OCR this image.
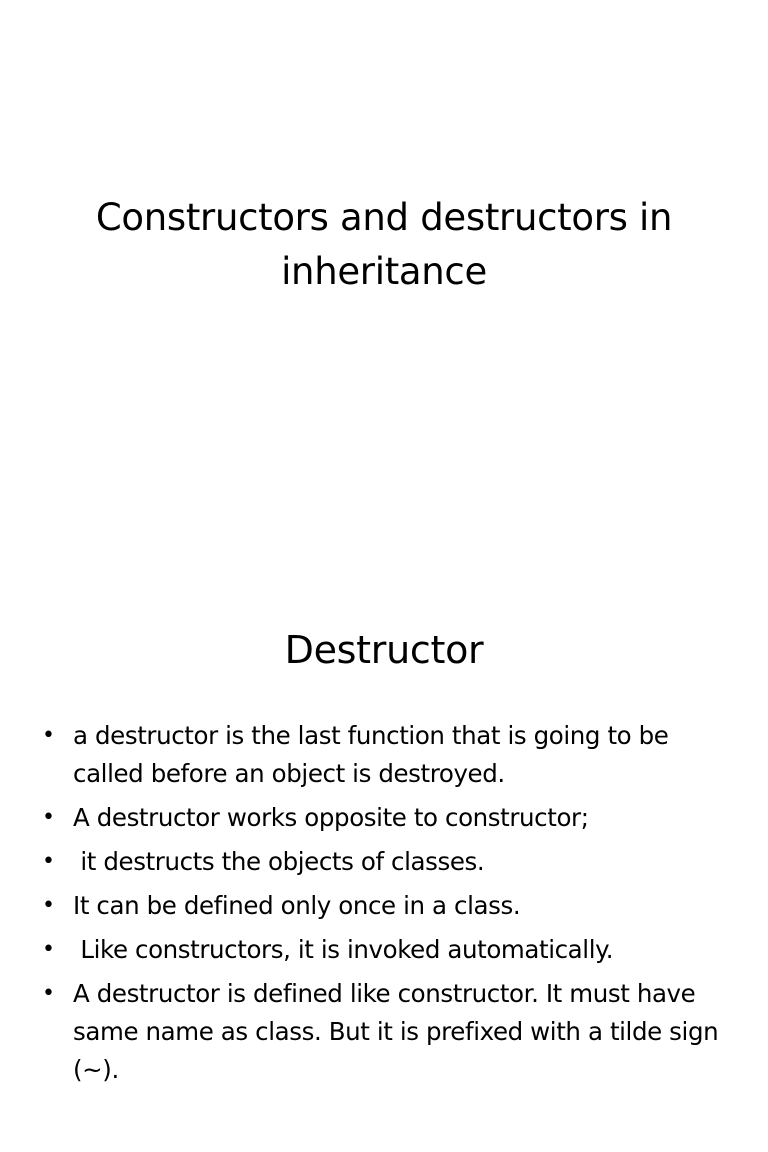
Constructors and destructors in inheritance
Destructor
• a destructor is the last function that is going to be called before an object is destroyed.
• A destructor works opposite to constructor;
• it destructs the objects of classes.
• It can be defined only once in a class.
• Like constructors, it is invoked automatically.
• A destructor is defined like constructor. It must have same name as class. But it is prefixed with a tilde sign (~).
